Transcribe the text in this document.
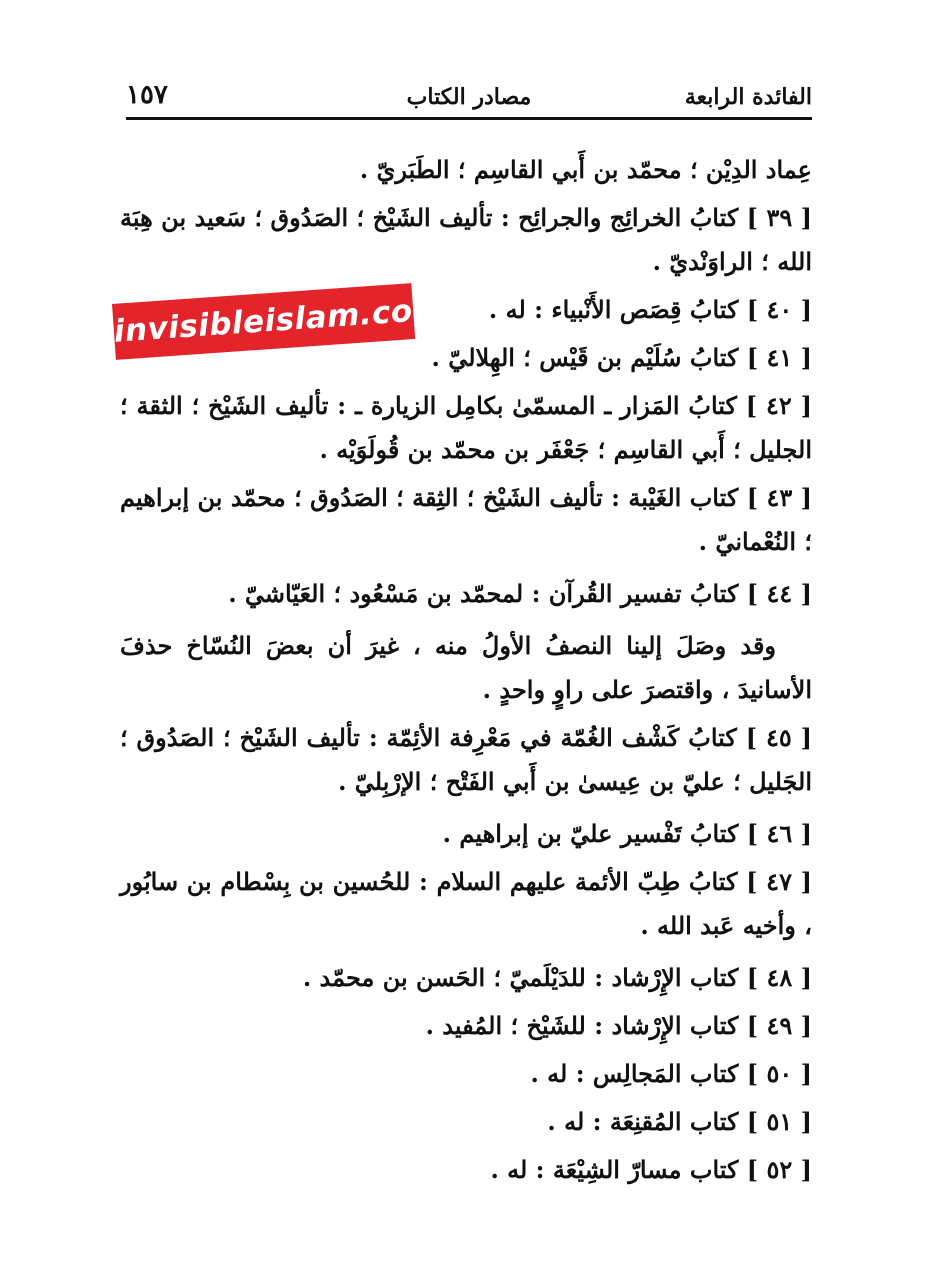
الفائدة الرابعة
مصادر الكتاب
١٥٧

عِماد الدِيْن ؛ محمّد بن أَبي القاسِم ؛ الطَبَريّ .

[ ٣٩ ] كتابُ الخرائِج والجرائِح : تأليف الشَيْخ ؛ الصَدُوق ؛ سَعيد بن هِبَة الله ؛ الراوَنْديّ .

[ ٤٠ ] كتابُ قِصَص الأَنْبياء : له .

[ ٤١ ] كتابُ سُلَيْم بن قَيْس ؛ الهِلاليّ .

[ ٤٢ ] كتابُ المَزار ـ المسمّىٰ بكامِل الزيارة ـ : تأليف الشَيْخ ؛ الثقة ؛ الجليل ؛ أَبي القاسِم ؛ جَعْفَر بن محمّد بن قُولَوَيْه .

[ ٤٣ ] كتاب الغَيْبة : تأليف الشَيْخ ؛ الثِقة ؛ الصَدُوق ؛ محمّد بن إبراهيم ؛ النُعْمانيّ .

[ ٤٤ ] كتابُ تفسير القُرآن : لمحمّد بن مَسْعُود ؛ العَيّاشيّ .

وقد وصَلَ إلينا النصفُ الأولُ منه ، غيرَ أن بعضَ النُسّاخ حذفَ الأسانيدَ ، واقتصرَ على راوٍ واحدٍ .

[ ٤٥ ] كتابُ كَشْف الغُمّة في مَعْرِفة الأئِمّة : تأليف الشَيْخ ؛ الصَدُوق ؛ الجَليل ؛ عليّ بن عِيسىٰ بن أَبي الفَتْح ؛ الإرْبِليّ .

[ ٤٦ ] كتابُ تَفْسير عليّ بن إبراهيم .

[ ٤٧ ] كتابُ طِبّ الأئمة عليهم السلام : للحُسين بن بِسْطام بن سابُور ، وأخيه عَبد الله .

[ ٤٨ ] كتاب الإِرْشاد : للدَيْلَميّ ؛ الحَسن بن محمّد .

[ ٤٩ ] كتاب الإِرْشاد : للشَيْخ ؛ المُفيد .

[ ٥٠ ] كتاب المَجالِس : له .

[ ٥١ ] كتاب المُقنِعَة : له .

[ ٥٢ ] كتاب مسارّ الشِيْعَة : له .

invisibleislam.com
